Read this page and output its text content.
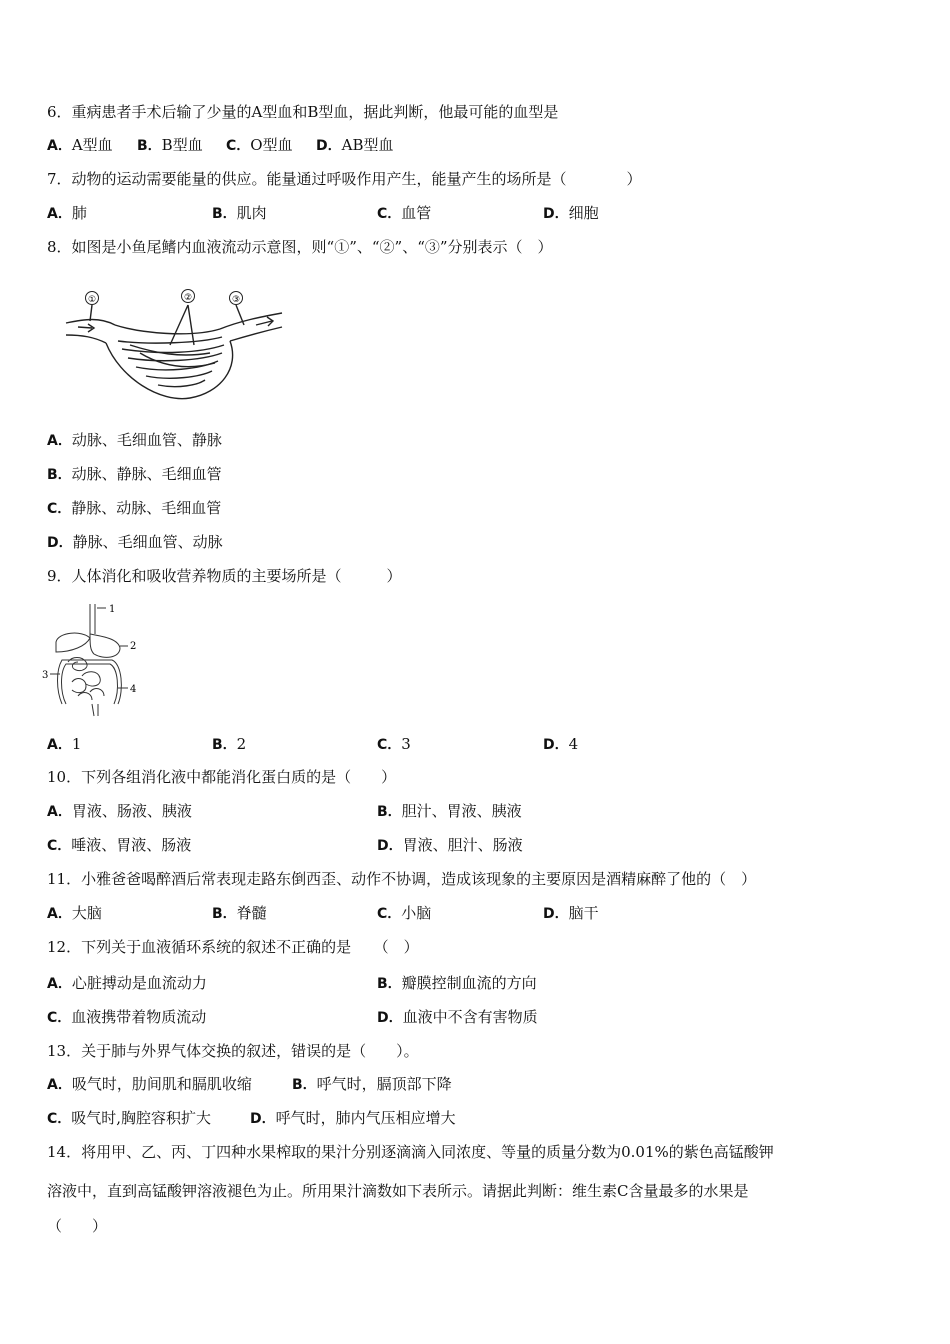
6．重病患者手术后输了少量的A型血和B型血，据此判断，他最可能的血型是
A．A型血 B．B型血 C．O型血 D．AB型血
7．动物的运动需要能量的供应。能量通过呼吸作用产生，能量产生的场所是（　　　　）
A．肺	B．肌肉	C．血管	D．细胞
8．如图是小鱼尾鳍内血液流动示意图，则“①”、“②”、“③”分别表示（　）
①	②	③
A．动脉、毛细血管、静脉
B．动脉、静脉、毛细血管
C．静脉、动脉、毛细血管
D．静脉、毛细血管、动脉
9．人体消化和吸收营养物质的主要场所是（　　　）
1
2
3
4
A．1	B．2	C．3	D．4
10．下列各组消化液中都能消化蛋白质的是（　　）
A．胃液、肠液、胰液	B．胆汁、胃液、胰液
C．唾液、胃液、肠液	D．胃液、胆汁、肠液
11．小雅爸爸喝醉酒后常表现走路东倒西歪、动作不协调，造成该现象的主要原因是酒精麻醉了他的（　）
A．大脑	B．脊髓	C．小脑	D．脑干
12．下列关于血液循环系统的叙述不正确的是　　（　）
A．心脏搏动是血流动力	B．瓣膜控制血流的方向
C．血液携带着物质流动	D．血液中不含有害物质
13．关于肺与外界气体交换的叙述，错误的是（　　）。
A．吸气时，肋间肌和膈肌收缩	B．呼气时，膈顶部下降
C．吸气时,胸腔容积扩大	D．呼气时，肺内气压相应增大
14．将用甲、乙、丙、丁四种水果榨取的果汁分别逐滴滴入同浓度、等量的质量分数为0.01%的紫色高锰酸钾
溶液中，直到高锰酸钾溶液褪色为止。所用果汁滴数如下表所示。请据此判断：维生素C含量最多的水果是
（　　）
